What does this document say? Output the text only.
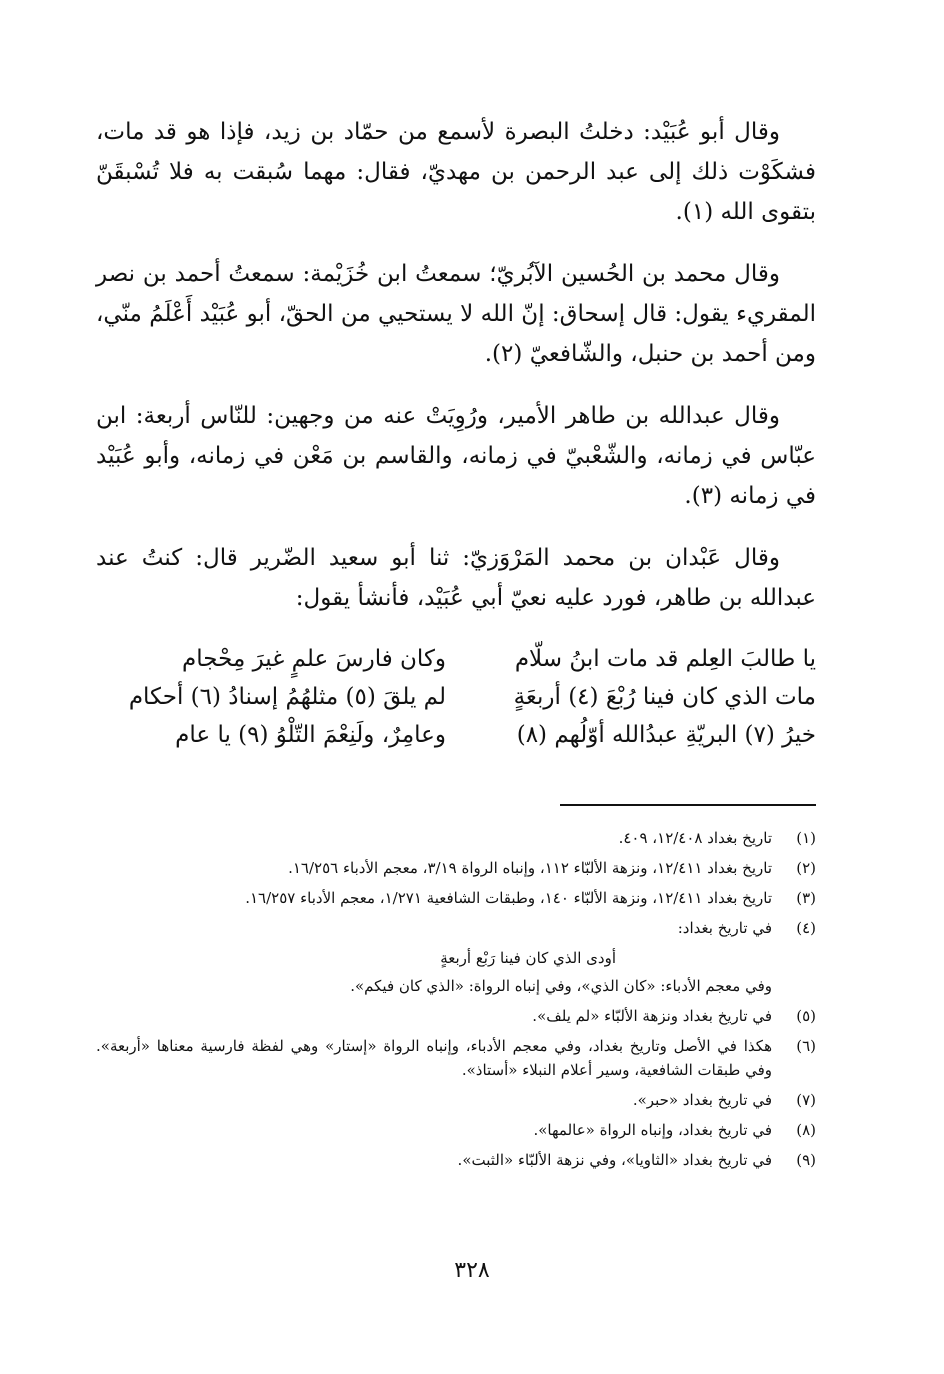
وقال أبو عُبَيْد: دخلتُ البصرة لأسمع من حمّاد بن زيد، فإذا هو قد مات، فشكَوْت ذلك إلى عبد الرحمن بن مهديّ، فقال: مهما سُبقت به فلا تُسْبقَنّ بتقوى الله (١).

وقال محمد بن الحُسين الآبُريّ؛ سمعتُ ابن خُزَيْمة: سمعتُ أحمد بن نصر المقريء يقول: قال إسحاق: إنّ الله لا يستحيي من الحقّ، أبو عُبَيْد أَعْلَمُ منّي، ومن أحمد بن حنبل، والشّافعيّ (٢).

وقال عبدالله بن طاهر الأمير، ورُوِيَتْ عنه من وجهين: للنّاس أربعة: ابن عبّاس في زمانه، والشّعْبيّ في زمانه، والقاسم بن مَعْن في زمانه، وأبو عُبَيْد في زمانه (٣).

وقال عَبْدان بن محمد المَرْوَزيّ: ثنا أبو سعيد الضّرير قال: كنتُ عند عبدالله بن طاهر، فورد عليه نعيّ أبي عُبَيْد، فأنشأ يقول:

يا طالبَ العِلم قد مات ابنُ سلّام
وكان فارسَ علمٍ غيرَ مِحْجام
مات الذي كان فينا رُبْعَ (٤) أربعَةٍ
لم يلقَ (٥) مثلهُمُ إسنادُ (٦) أحكام
خيرُ (٧) البريّةِ عبدُالله أوّلُهم (٨)
وعامِرٌ، ولَنِعْمَ التّلْوُ (٩) يا عام
(١)
تاريخ بغداد ١٢/٤٠٨، ٤٠٩.
(٢)
تاريخ بغداد ١٢/٤١١، ونزهة الألبّاء ١١٢، وإنباه الرواة ٣/١٩، معجم الأدباء ١٦/٢٥٦.
(٣)
تاريخ بغداد ١٢/٤١١، ونزهة الألبّاء ١٤٠، وطبقات الشافعية ١/٢٧١، معجم الأدباء ١٦/٢٥٧.
(٤)
في تاريخ بغداد:
أودى الذي كان فينا رَبْع أربعةٍ
وفي معجم الأدباء: «كان الذي»، وفي إنباه الرواة: «الذي كان فيكم».
(٥)
في تاريخ بغداد ونزهة الألبّاء «لم يلف».
(٦)
هكذا في الأصل وتاريخ بغداد، وفي معجم الأدباء، وإنباه الرواة «إستار» وهي لفظة فارسية معناها «أربعة». وفي طبقات الشافعية، وسير أعلام النبلاء «أستاذ».
(٧)
في تاريخ بغداد «حبر».
(٨)
في تاريخ بغداد، وإنباه الرواة «عالمها».
(٩)
في تاريخ بغداد «الثاويا»، وفي نزهة الألبّاء «الثبت».
٣٢٨
